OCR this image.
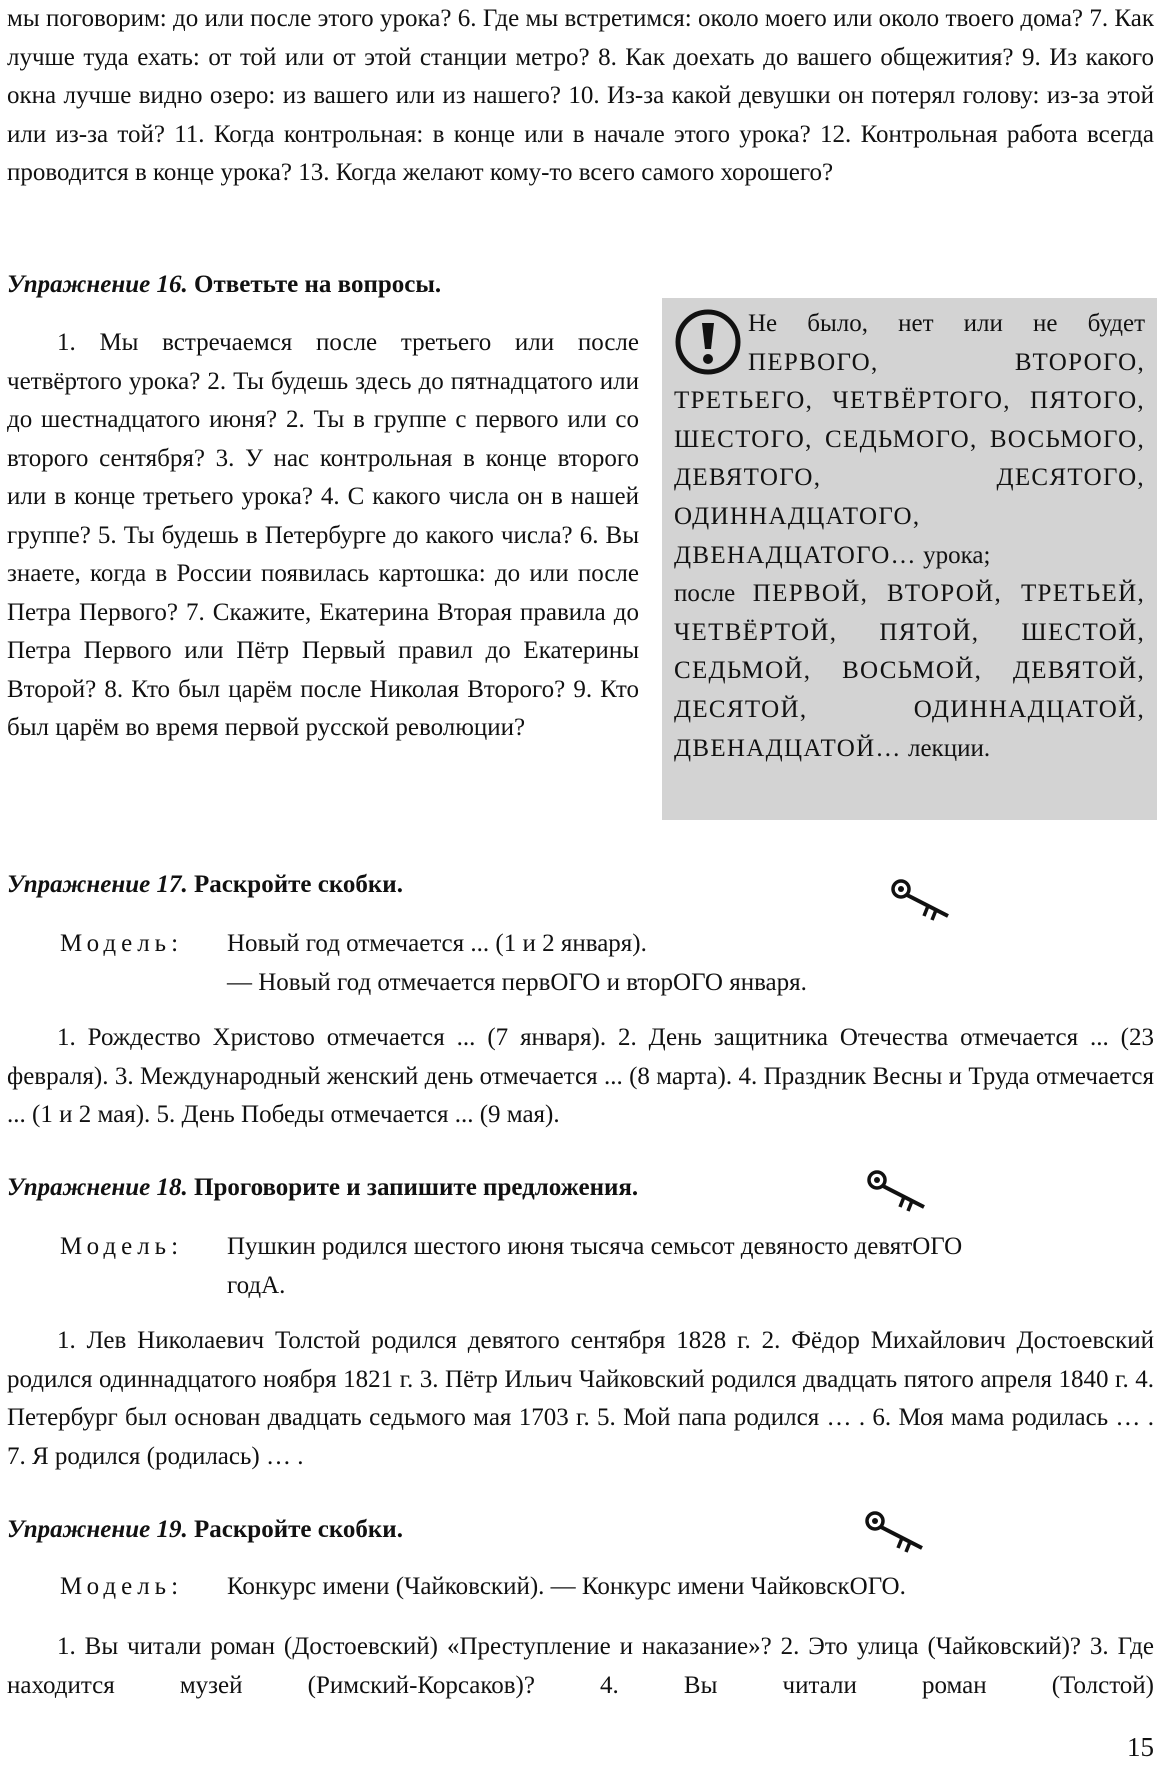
мы поговорим: до или после этого урока? 6. Где мы встретимся: около моего или около твоего дома? 7. Как лучше туда ехать: от той или от этой станции метро? 8. Как доехать до вашего общежития? 9. Из какого окна лучше видно озеро: из вашего или из нашего? 10. Из-за какой девушки он потерял голову: из-за этой или из-за той? 11. Когда контрольная: в конце или в начале этого урока? 12. Контрольная работа всегда проводится в конце урока? 13. Когда желают кому-то всего самого хорошего?

Упражнение 16. Ответьте на вопросы.

1. Мы встречаемся после третьего или после четвёртого урока? 2. Ты будешь здесь до пятнадцатого или до шестнадцатого июня? 2. Ты в группе с первого или со второго сентября? 3. У нас контрольная в конце второго или в конце третьего урока? 4. С какого числа он в нашей группе? 5. Ты будешь в Петербурге до какого числа? 6. Вы знаете, когда в России появилась картошка: до или после Петра Первого? 7. Скажите, Екатерина Вторая правила до Петра Первого или Пётр Первый правил до Екатерины Второй? 8. Кто был царём после Николая Второго? 9. Кто был царём во время первой русской революции?

Не было, нет или не будет ПЕРВОГО, ВТОРОГО, ТРЕТЬЕГО, ЧЕТВЁРТОГО, ПЯТОГО, ШЕСТОГО, СЕДЬМОГО, ВОСЬМОГО, ДЕВЯТОГО, ДЕСЯТОГО, ОДИННАДЦАТОГО, ДВЕНАДЦАТОГО… урока;
после ПЕРВОЙ, ВТОРОЙ, ТРЕТЬЕЙ, ЧЕТВЁРТОЙ, ПЯТОЙ, ШЕСТОЙ, СЕДЬМОЙ, ВОСЬМОЙ, ДЕВЯТОЙ, ДЕСЯТОЙ, ОДИННАДЦАТОЙ, ДВЕНАДЦАТОЙ… лекции.

Упражнение 17. Раскройте скобки.
Модель: Новый год отмечается ... (1 и 2 января).
— Новый год отмечается первОГО и вторОГО января.

1. Рождество Христово отмечается ... (7 января). 2. День защитника Отечества отмечается ... (23 февраля). 3. Международный женский день отмечается ... (8 марта). 4. Праздник Весны и Труда отмечается ... (1 и 2 мая). 5. День Победы отмечается ... (9 мая).

Упражнение 18. Проговорите и запишите предложения.
Модель: Пушкин родился шестого июня тысяча семьсот девяносто девятОГО годА.

1. Лев Николаевич Толстой родился девятого сентября 1828 г. 2. Фёдор Михайлович Достоевский родился одиннадцатого ноября 1821 г. 3. Пётр Ильич Чайковский родился двадцать пятого апреля 1840 г. 4. Петербург был основан двадцать седьмого мая 1703 г. 5. Мой папа родился … . 6. Моя мама родилась … . 7. Я родился (родилась) … .

Упражнение 19. Раскройте скобки.
Модель: Конкурс имени (Чайковский). — Конкурс имени ЧайковскОГО.

1. Вы читали роман (Достоевский) «Преступление и наказание»? 2. Это улица (Чайковский)? 3. Где находится музей (Римский-Корсаков)? 4. Вы читали роман (Толстой)

15
